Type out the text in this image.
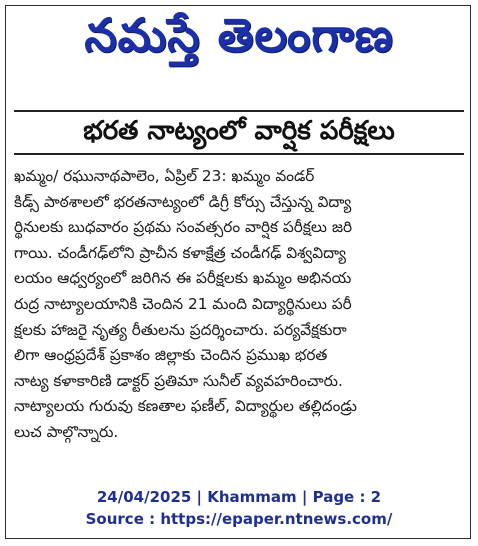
నమస్తే తెలంగాణ
భరత నాట్యంలో వార్షిక పరీక్షలు
ఖమ్మం/ రఘునాథపాలెం, ఏప్రిల్ 23: ఖమ్మం వండర్
కిడ్స్ పాఠశాలలో భరతనాట్యంలో డిగ్రీ కోర్సు చేస్తున్న విద్యా
ర్థినులకు బుధవారం ప్రథమ సంవత్సరం వార్షిక పరీక్షలు జరి
గాయి. చండీగఢ్‌లోని ప్రాచీన కళాక్షేత్ర చండీగఢ్ విశ్వవిద్యా
లయం ఆధ్వర్యంలో జరిగిన ఈ పరీక్షలకు ఖమ్మం అభినయ
రుద్ర నాట్యాలయానికి చెందిన 21 మంది విద్యార్థినులు పరీ
క్షలకు హాజరై నృత్య రీతులను ప్రదర్శించారు. పర్యవేక్షకురా
లిగా ఆంధ్రప్రదేశ్ ప్రకాశం జిల్లాకు చెందిన ప్రముఖ భరత
నాట్య కళాకారిణి డాక్టర్ ప్రతిమా సునీల్ వ్యవహరించారు.
నాట్యాలయ గురువు కణతాల ఫణీల్, విద్యార్థుల తల్లిదండ్రు
లుచ పాల్గొన్నారు.
24/04/2025 | Khammam | Page : 2
Source : https://epaper.ntnews.com/
